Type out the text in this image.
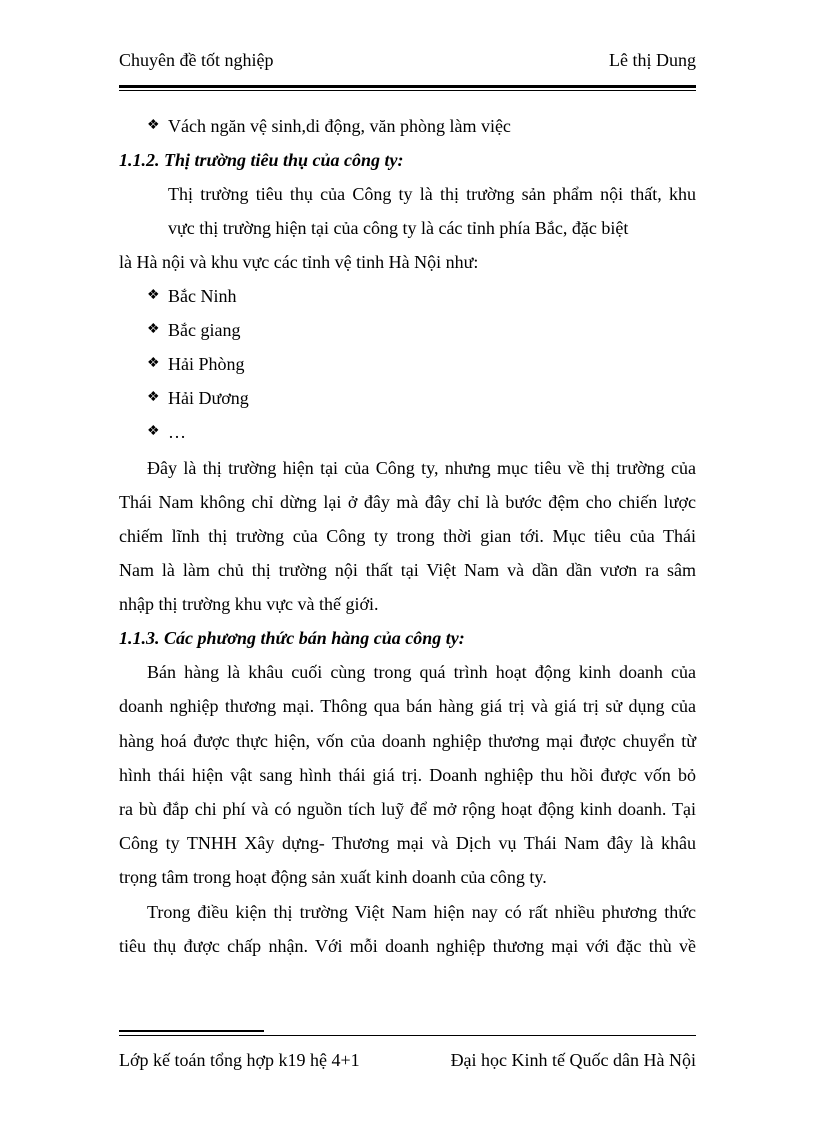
Chuyên đề tốt nghiệp	Lê thị Dung
❖ Vách ngăn vệ sinh,di động, văn phòng làm việc
1.1.2. Thị trường tiêu thụ của công ty:
Thị trường tiêu thụ của Công ty là thị trường sản phẩm nội thất, khu
vực thị trường hiện tại của công ty là các tỉnh phía Bắc, đặc biệt
là Hà nội và khu vực các tỉnh vệ tinh Hà Nội như:
❖ Bắc Ninh
❖ Bắc giang
❖ Hải Phòng
❖ Hải Dương
❖ …
Đây là thị trường hiện tại của Công ty, nhưng mục tiêu về thị trường của
Thái Nam không chỉ dừng lại ở đây mà đây chỉ là bước đệm cho chiến lược
chiếm lĩnh thị trường của Công ty trong thời gian tới. Mục tiêu của Thái
Nam là làm chủ thị trường nội thất tại Việt Nam và dần dần vươn ra sâm
nhập thị trường khu vực và thế giới.
1.1.3. Các phương thức bán hàng của công ty:
Bán hàng là khâu cuối cùng trong quá trình hoạt động kinh doanh của
doanh nghiệp thương mại. Thông qua bán hàng giá trị và giá trị sử dụng của
hàng hoá được thực hiện, vốn của doanh nghiệp thương mại được chuyển từ
hình thái hiện vật sang hình thái giá trị. Doanh nghiệp thu hồi được vốn bỏ
ra bù đắp chi phí và có nguồn tích luỹ để mở rộng hoạt động kinh doanh. Tại
Công ty TNHH Xây dựng- Thương mại và Dịch vụ Thái Nam đây là khâu
trọng tâm trong hoạt động sản xuất kinh doanh của công ty.
Trong điều kiện thị trường Việt Nam hiện nay có rất nhiều phương thức
tiêu thụ được chấp nhận. Với mỗi doanh nghiệp thương mại với đặc thù về
Lớp kế toán tổng hợp k19 hệ 4+1	Đại học Kinh tế Quốc dân Hà Nội
